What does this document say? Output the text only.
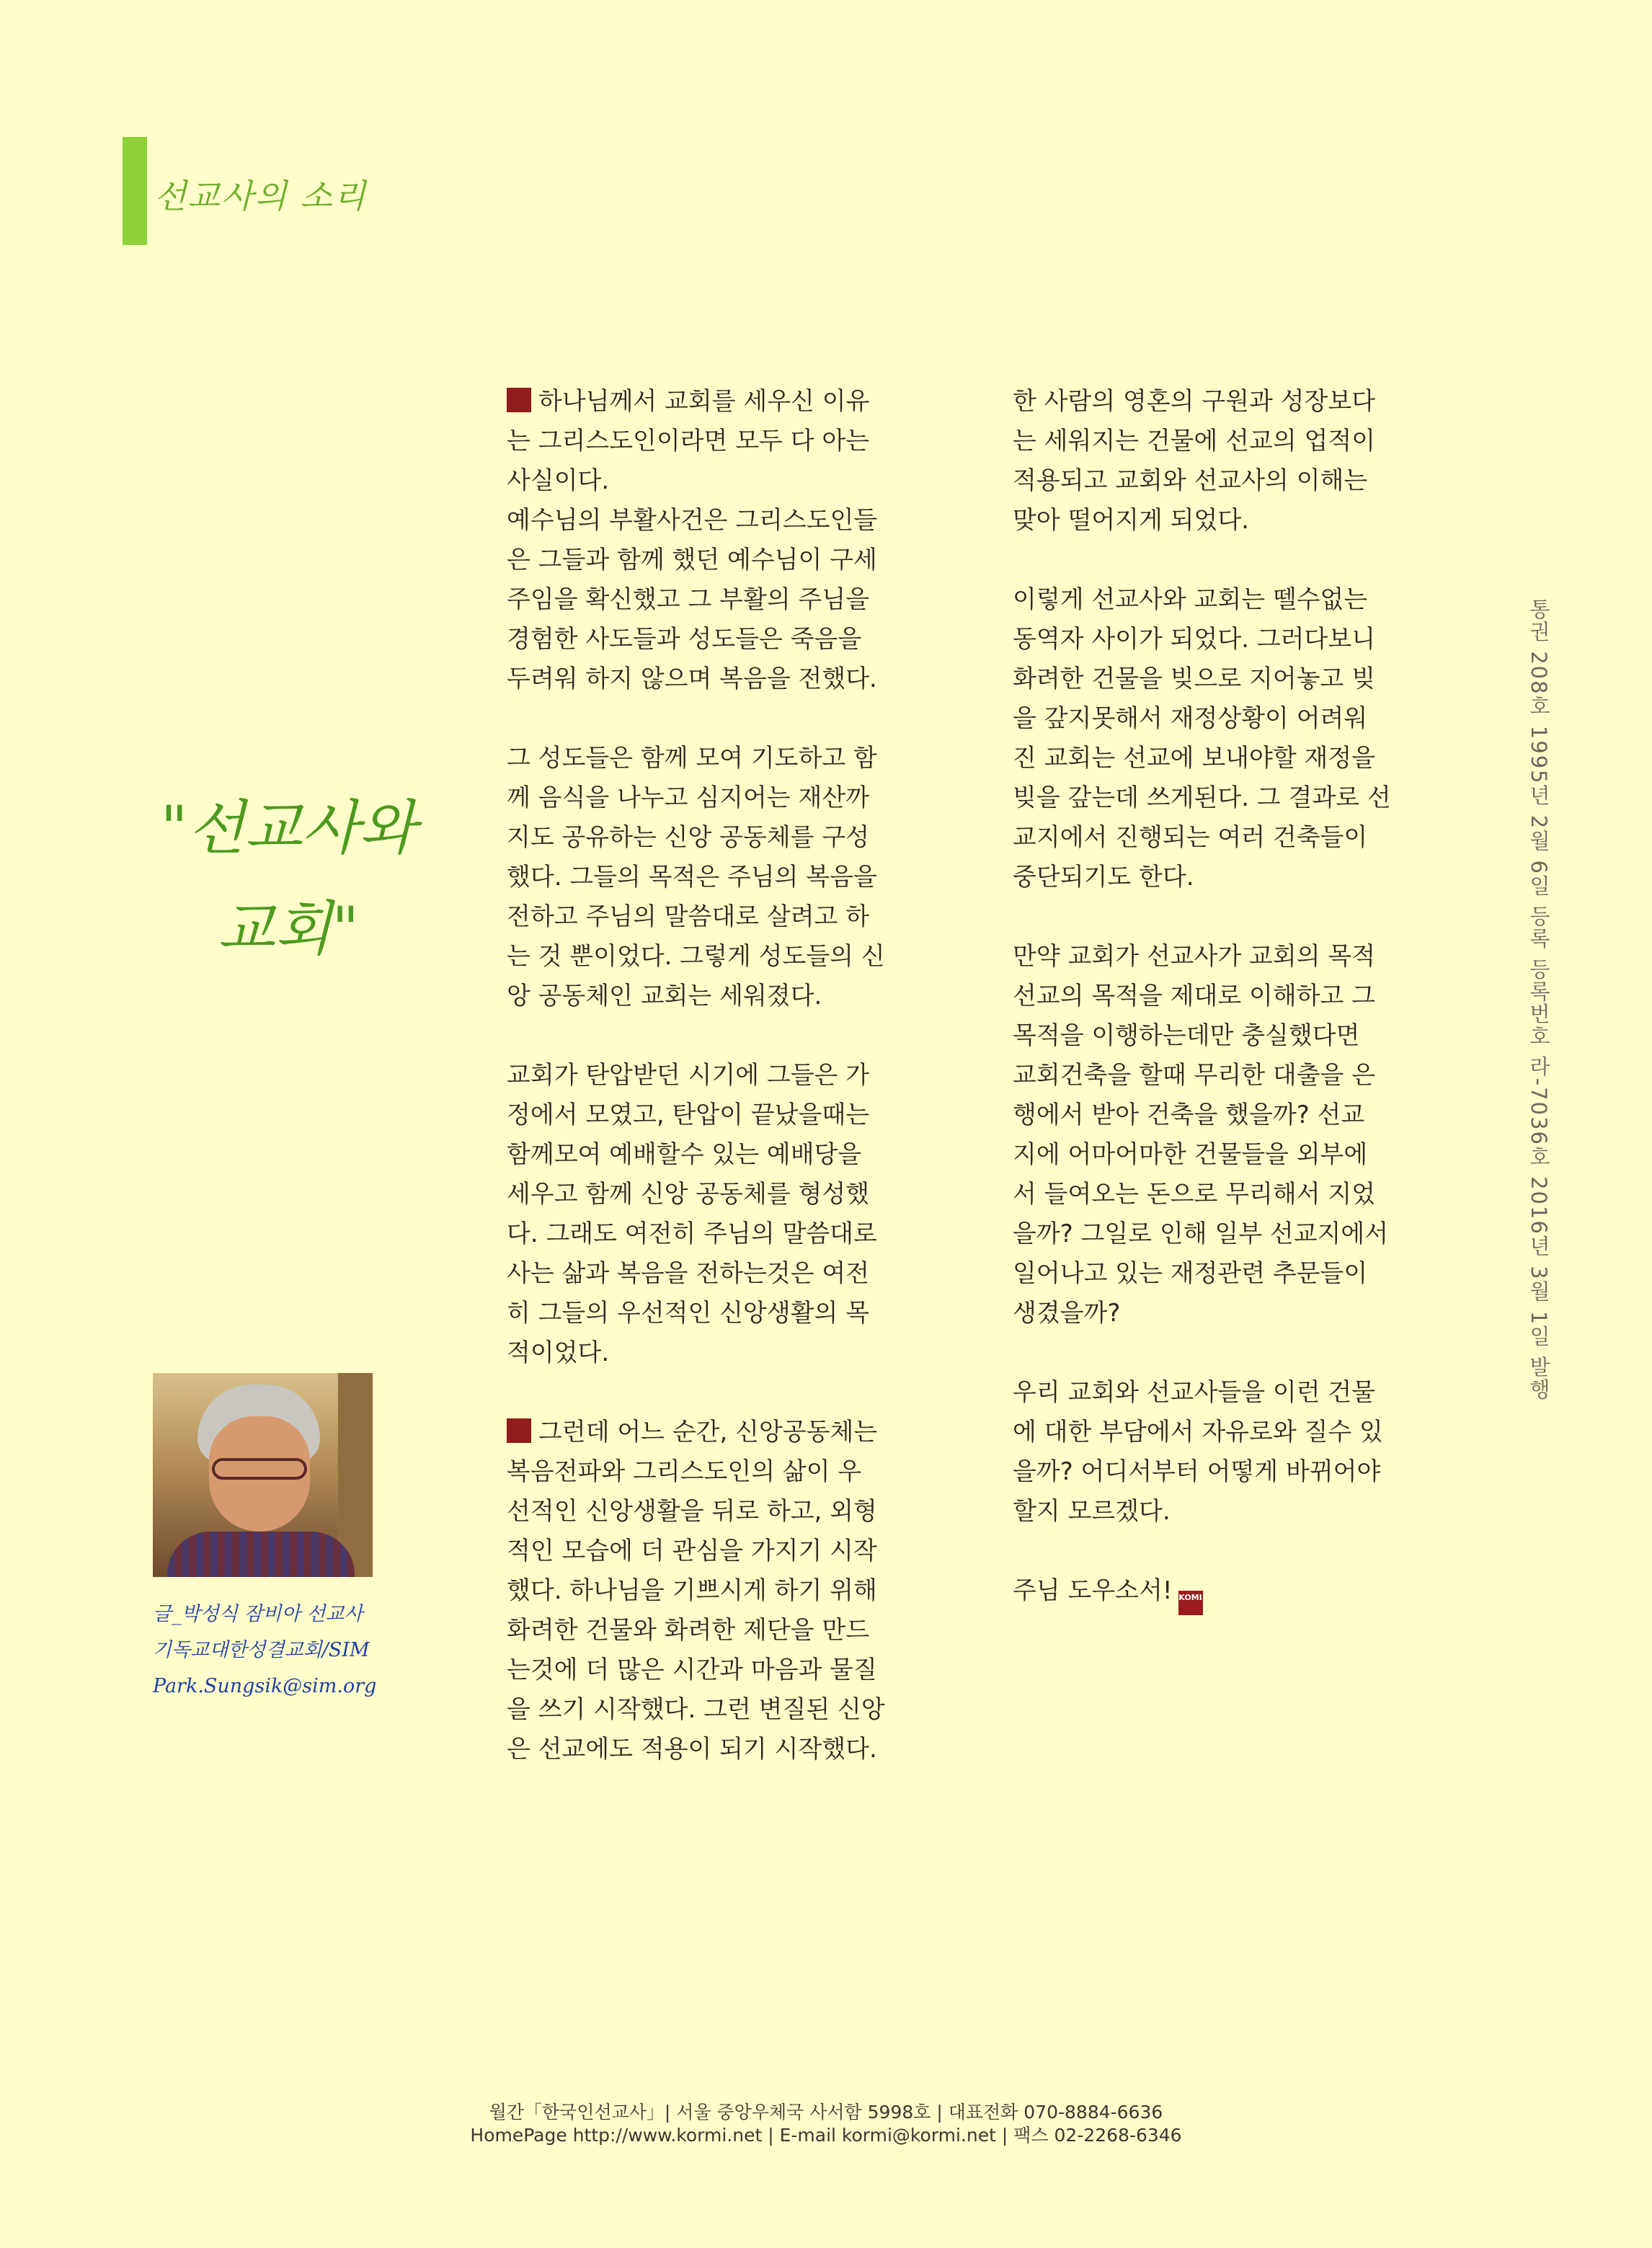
선교사의 소리
"선교사와
교회"
글_박성식 잠비아 선교사
기독교대한성결교회/SIM
Park.Sungsik@sim.org

하나님께서 교회를 세우신 이유
는 그리스도인이라면 모두 다 아는
사실이다.
예수님의 부활사건은 그리스도인들
은 그들과 함께 했던 예수님이 구세
주임을 확신했고 그 부활의 주님을
경험한 사도들과 성도들은 죽음을
두려워 하지 않으며 복음을 전했다.

그 성도들은 함께 모여 기도하고 함
께 음식을 나누고 심지어는 재산까
지도 공유하는 신앙 공동체를 구성
했다. 그들의 목적은 주님의 복음을
전하고 주님의 말씀대로 살려고 하
는 것 뿐이었다. 그렇게 성도들의 신
앙 공동체인 교회는 세워졌다.

교회가 탄압받던 시기에 그들은 가
정에서 모였고, 탄압이 끝났을때는
함께모여 예배할수 있는 예배당을
세우고 함께 신앙 공동체를 형성했
다. 그래도 여전히 주님의 말씀대로
사는 삶과 복음을 전하는것은 여전
히 그들의 우선적인 신앙생활의 목
적이었다.

그런데 어느 순간, 신앙공동체는
복음전파와 그리스도인의 삶이 우
선적인 신앙생활을 뒤로 하고, 외형
적인 모습에 더 관심을 가지기 시작
했다. 하나님을 기쁘시게 하기 위해
화려한 건물와 화려한 제단을 만드
는것에 더 많은 시간과 마음과 물질
을 쓰기 시작했다. 그런 변질된 신앙
은 선교에도 적용이 되기 시작했다.

한 사람의 영혼의 구원과 성장보다
는 세워지는 건물에 선교의 업적이
적용되고 교회와 선교사의 이해는
맞아 떨어지게 되었다.

이렇게 선교사와 교회는 뗄수없는
동역자 사이가 되었다. 그러다보니
화려한 건물을 빚으로 지어놓고 빚
을 갚지못해서 재정상황이 어려워
진 교회는 선교에 보내야할 재정을
빚을 갚는데 쓰게된다. 그 결과로 선
교지에서 진행되는 여러 건축들이
중단되기도 한다.

만약 교회가 선교사가 교회의 목적
선교의 목적을 제대로 이해하고 그
목적을 이행하는데만 충실했다면
교회건축을 할때 무리한 대출을 은
행에서 받아 건축을 했을까? 선교
지에 어마어마한 건물들을 외부에
서 들여오는 돈으로 무리해서 지었
을까? 그일로 인해 일부 선교지에서
일어나고 있는 재정관련 추문들이
생겼을까?

우리 교회와 선교사들을 이런 건물
에 대한 부담에서 자유로와 질수 있
을까? 어디서부터 어떻게 바뀌어야
할지 모르겠다.

주님 도우소서! KOMI

통권 208호 1995년 2월 6일 등록 등록번호 라-7036호 2016년 3월 1일 발행
월간「한국인선교사」| 서울 중앙우체국 사서함 5998호 | 대표전화 070-8884-6636
HomePage http://www.kormi.net | E-mail kormi@kormi.net | 팩스 02-2268-6346
